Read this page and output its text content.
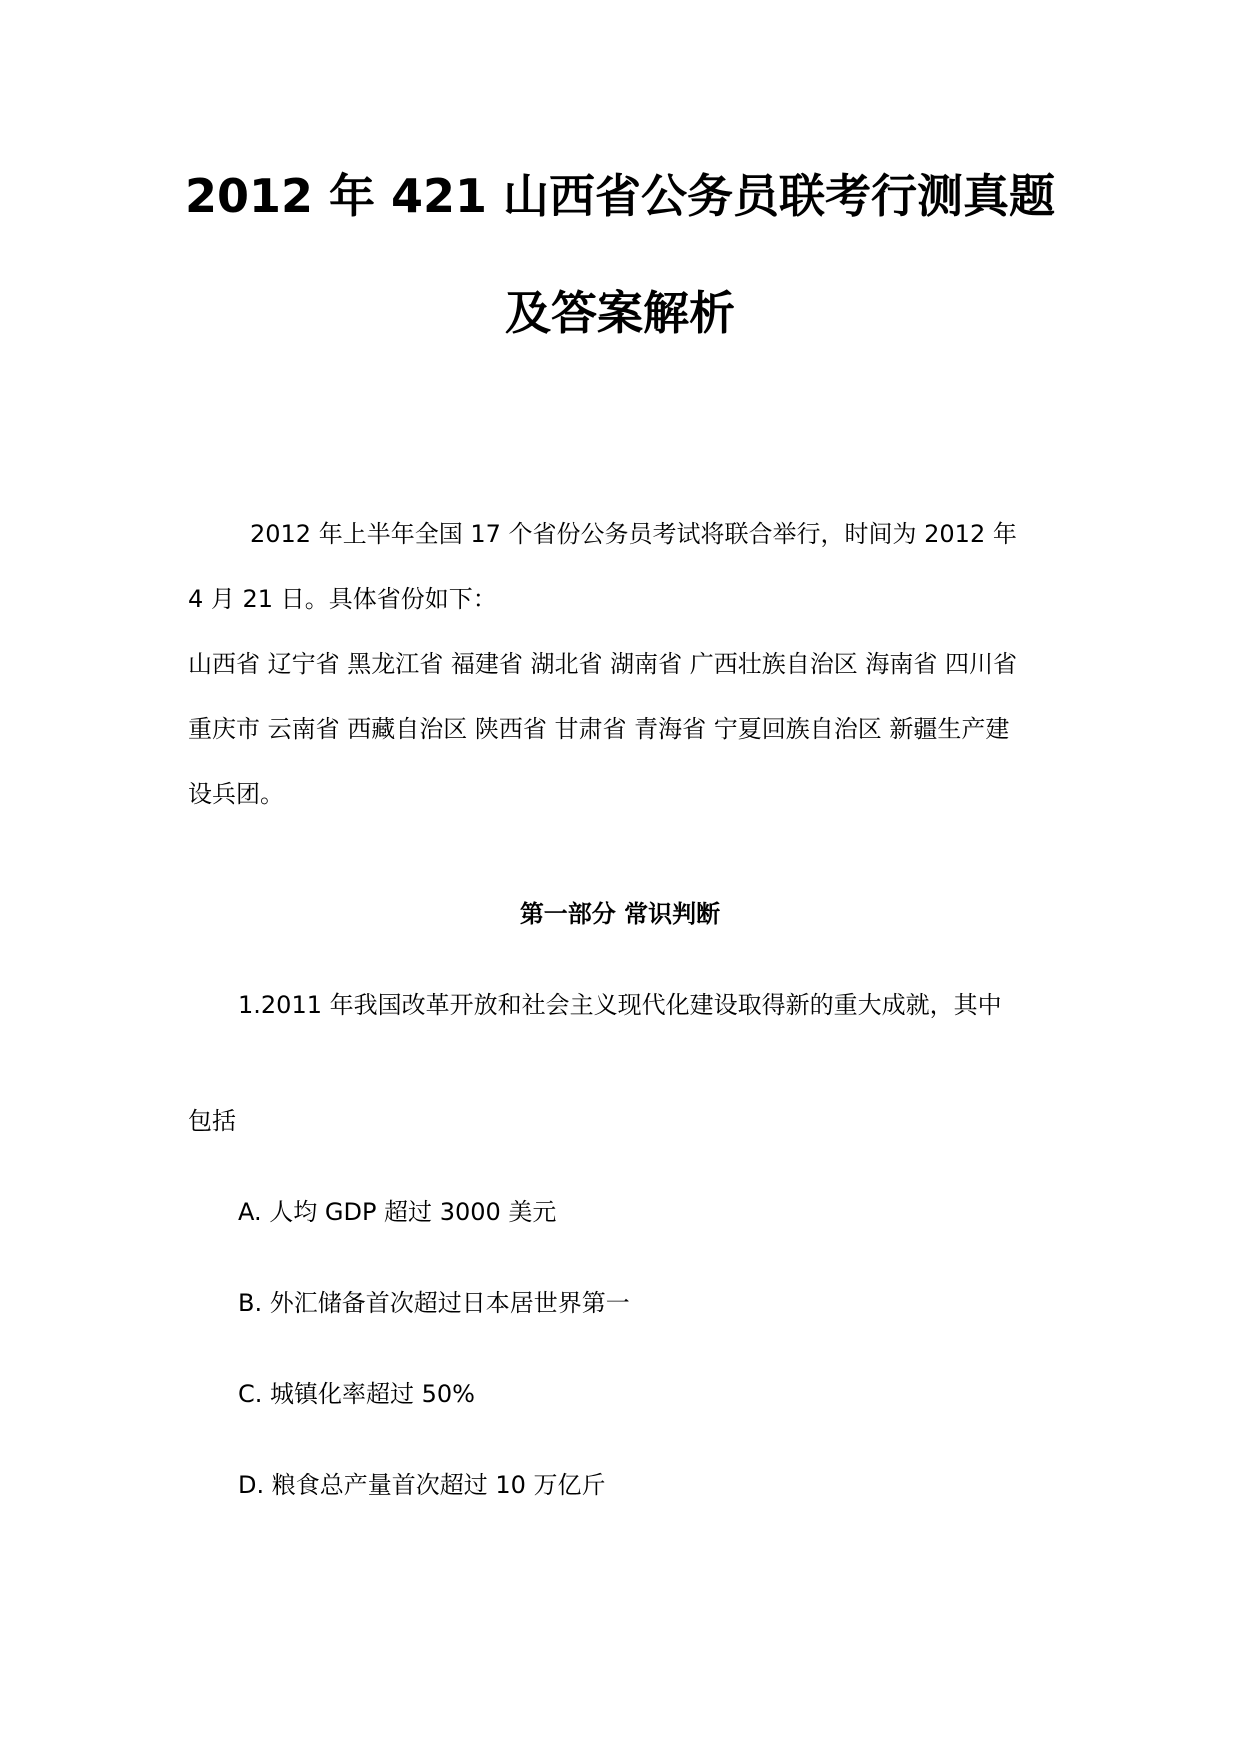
2012 年 421 山西省公务员联考行测真题
及答案解析
2012 年上半年全国 17 个省份公务员考试将联合举行，时间为 2012 年
4 月 21 日。具体省份如下：
山西省 辽宁省 黑龙江省 福建省 湖北省 湖南省 广西壮族自治区 海南省 四川省
重庆市 云南省 西藏自治区 陕西省 甘肃省 青海省 宁夏回族自治区 新疆生产建
设兵团。
第一部分 常识判断
1.2011 年我国改革开放和社会主义现代化建设取得新的重大成就，其中
包括
A. 人均 GDP 超过 3000 美元
B. 外汇储备首次超过日本居世界第一
C. 城镇化率超过 50%
D. 粮食总产量首次超过 10 万亿斤
